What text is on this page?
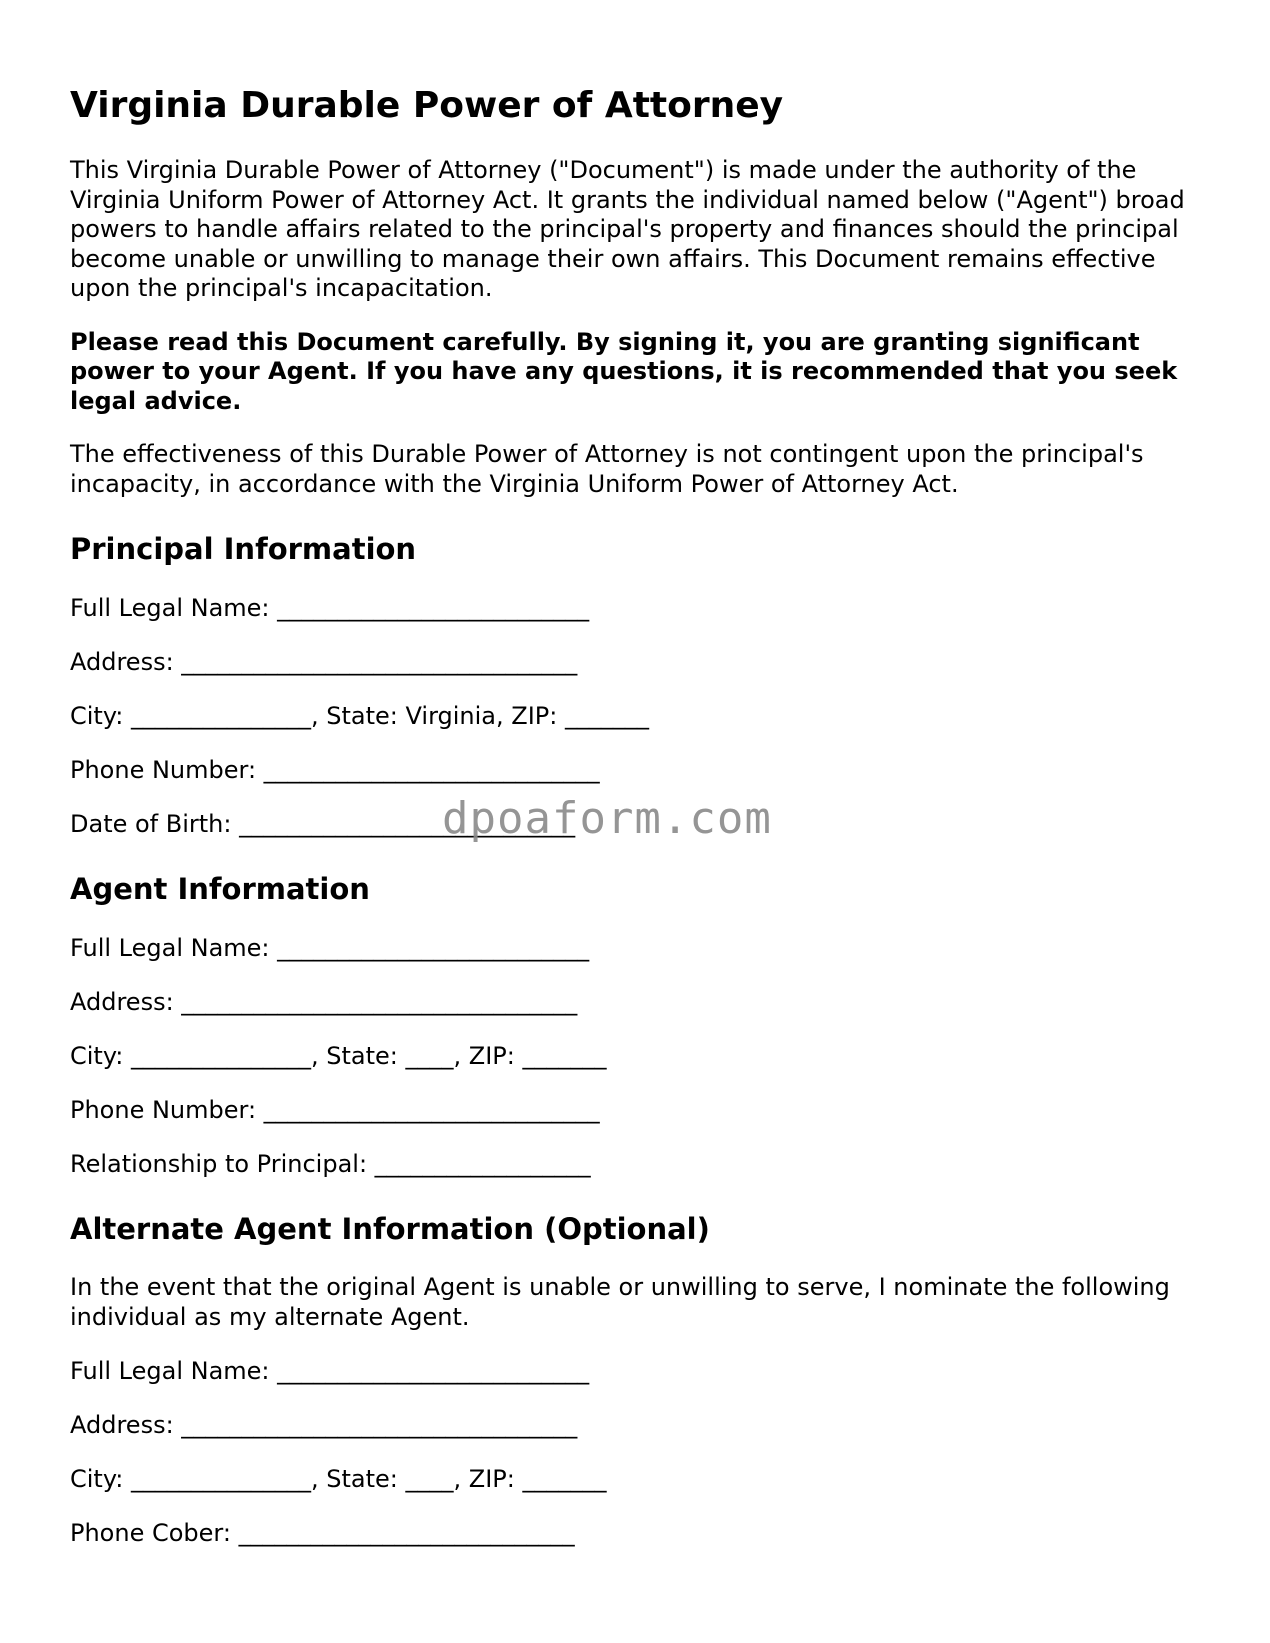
Virginia Durable Power of Attorney

This Virginia Durable Power of Attorney ("Document") is made under the authority of the Virginia Uniform Power of Attorney Act. It grants the individual named below ("Agent") broad powers to handle affairs related to the principal's property and finances should the principal become unable or unwilling to manage their own affairs. This Document remains effective upon the principal's incapacitation.

Please read this Document carefully. By signing it, you are granting significant power to your Agent. If you have any questions, it is recommended that you seek legal advice.

The effectiveness of this Durable Power of Attorney is not contingent upon the principal's incapacity, in accordance with the Virginia Uniform Power of Attorney Act.

Principal Information
Full Legal Name: __________________________
Address: _________________________________
City: _______________, State: Virginia, ZIP: _______
Phone Number: ____________________________
Date of Birth: ____________________________
Agent Information
Full Legal Name: __________________________
Address: _________________________________
City: _______________, State: ____, ZIP: _______
Phone Number: ____________________________
Relationship to Principal: __________________
Alternate Agent Information (Optional)

In the event that the original Agent is unable or unwilling to serve, I nominate the following individual as my alternate Agent.

Full Legal Name: __________________________
Address: _________________________________
City: _______________, State: ____, ZIP: _______
Phone Cober: ____________________________
dpoaform.com
